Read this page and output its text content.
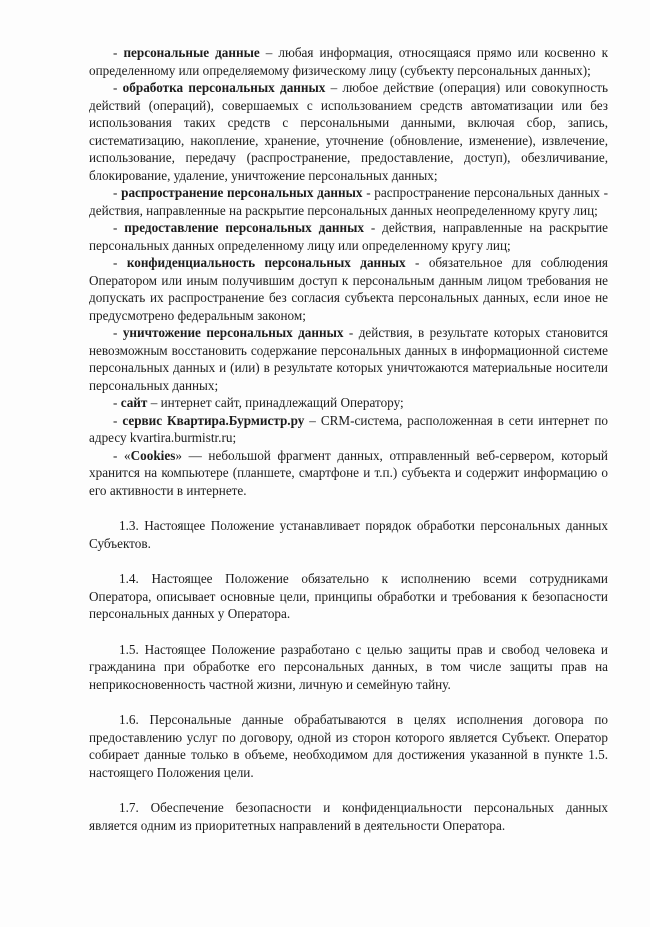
- персональные данные – любая информация, относящаяся прямо или косвенно к определенному или определяемому физическому лицу (субъекту персональных данных);

- обработка персональных данных – любое действие (операция) или совокупность действий (операций), совершаемых с использованием средств автоматизации или без использования таких средств с персональными данными, включая сбор, запись, систематизацию, накопление, хранение, уточнение (обновление, изменение), извлечение, использование, передачу (распространение, предоставление, доступ), обезличивание, блокирование, удаление, уничтожение персональных данных;

- распространение персональных данных - распространение персональных данных - действия, направленные на раскрытие персональных данных неопределенному кругу лиц;

- предоставление персональных данных - действия, направленные на раскрытие персональных данных определенному лицу или определенному кругу лиц;

- конфиденциальность персональных данных - обязательное для соблюдения Оператором или иным получившим доступ к персональным данным лицом требования не допускать их распространение без согласия субъекта персональных данных, если иное не предусмотрено федеральным законом;

- уничтожение персональных данных - действия, в результате которых становится невозможным восстановить содержание персональных данных в информационной системе персональных данных и (или) в результате которых уничтожаются материальные носители персональных данных;

- сайт – интернет сайт, принадлежащий Оператору;

- сервис Квартира.Бурмистр.ру – CRM-система, расположенная в сети интернет по адресу kvartira.burmistr.ru;

- «Cookies» — небольшой фрагмент данных, отправленный веб-сервером, который хранится на компьютере (планшете, смартфоне и т.п.) субъекта и содержит информацию о его активности в интернете.

1.3. Настоящее Положение устанавливает порядок обработки персональных данных Субъектов.

1.4. Настоящее Положение обязательно к исполнению всеми сотрудниками Оператора, описывает основные цели, принципы обработки и требования к безопасности персональных данных у Оператора.

1.5. Настоящее Положение разработано с целью защиты прав и свобод человека и гражданина при обработке его персональных данных, в том числе защиты прав на неприкосновенность частной жизни, личную и семейную тайну.

1.6. Персональные данные обрабатываются в целях исполнения договора по предоставлению услуг по договору, одной из сторон которого является Субъект. Оператор собирает данные только в объеме, необходимом для достижения указанной в пункте 1.5. настоящего Положения цели.

1.7. Обеспечение безопасности и конфиденциальности персональных данных является одним из приоритетных направлений в деятельности Оператора.
